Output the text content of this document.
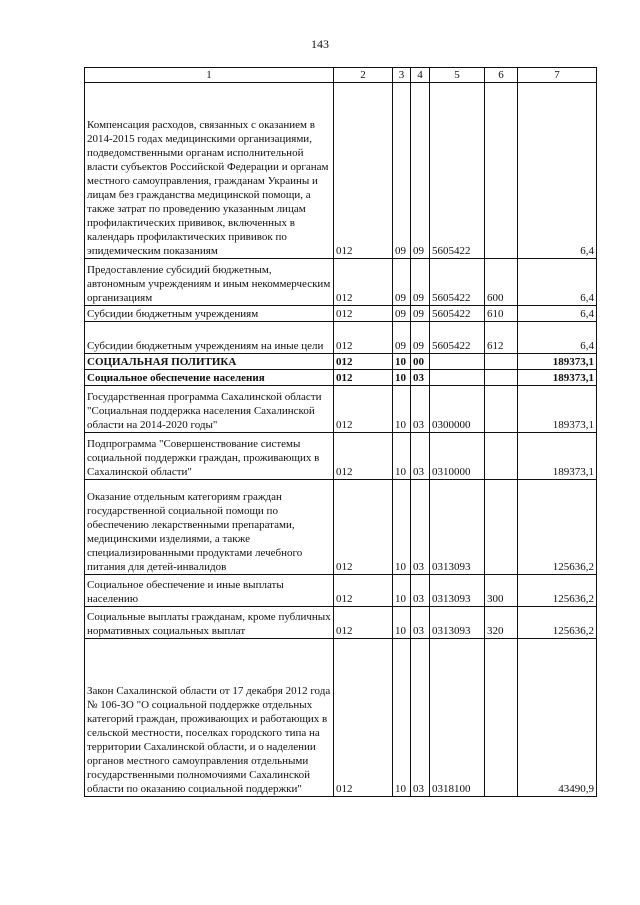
143
1	2	3	4	5	6	7
Компенсация расходов, связанных с оказанием в 2014-2015 годах медицинскими организациями, подведомственными органам исполнительной власти субъектов Российской Федерации и органам местного самоуправления, гражданам Украины и лицам без гражданства медицинской помощи, а также затрат по проведению указанным лицам профилактических прививок, включенных в календарь профилактических прививок по эпидемическим показаниям	012	09	09	5605422		6,4
Предоставление субсидий бюджетным, автономным учреждениям и иным некоммерческим организациям	012	09	09	5605422	600	6,4
Субсидии бюджетным учреждениям	012	09	09	5605422	610	6,4
Субсидии бюджетным учреждениям на иные цели	012	09	09	5605422	612	6,4
СОЦИАЛЬНАЯ ПОЛИТИКА	012	10	00			189373,1
Социальное обеспечение населения	012	10	03			189373,1
Государственная программа Сахалинской области "Социальная поддержка населения Сахалинской области на 2014-2020 годы"	012	10	03	0300000		189373,1
Подпрограмма "Совершенствование системы социальной поддержки граждан, проживающих в Сахалинской области"	012	10	03	0310000		189373,1
Оказание отдельным категориям граждан государственной социальной помощи по обеспечению лекарственными препаратами, медицинскими изделиями, а также специализированными продуктами лечебного питания для детей-инвалидов	012	10	03	0313093		125636,2
Социальное обеспечение и иные выплаты населению	012	10	03	0313093	300	125636,2
Социальные выплаты гражданам, кроме публичных нормативных социальных выплат	012	10	03	0313093	320	125636,2
Закон Сахалинской области от 17 декабря 2012 года № 106-ЗО "О социальной поддержке отдельных категорий граждан, проживающих и работающих в сельской местности, поселках городского типа на территории Сахалинской области, и о наделении органов местного самоуправления отдельными государственными полномочиями Сахалинской области по оказанию социальной поддержки"	012	10	03	0318100		43490,9
